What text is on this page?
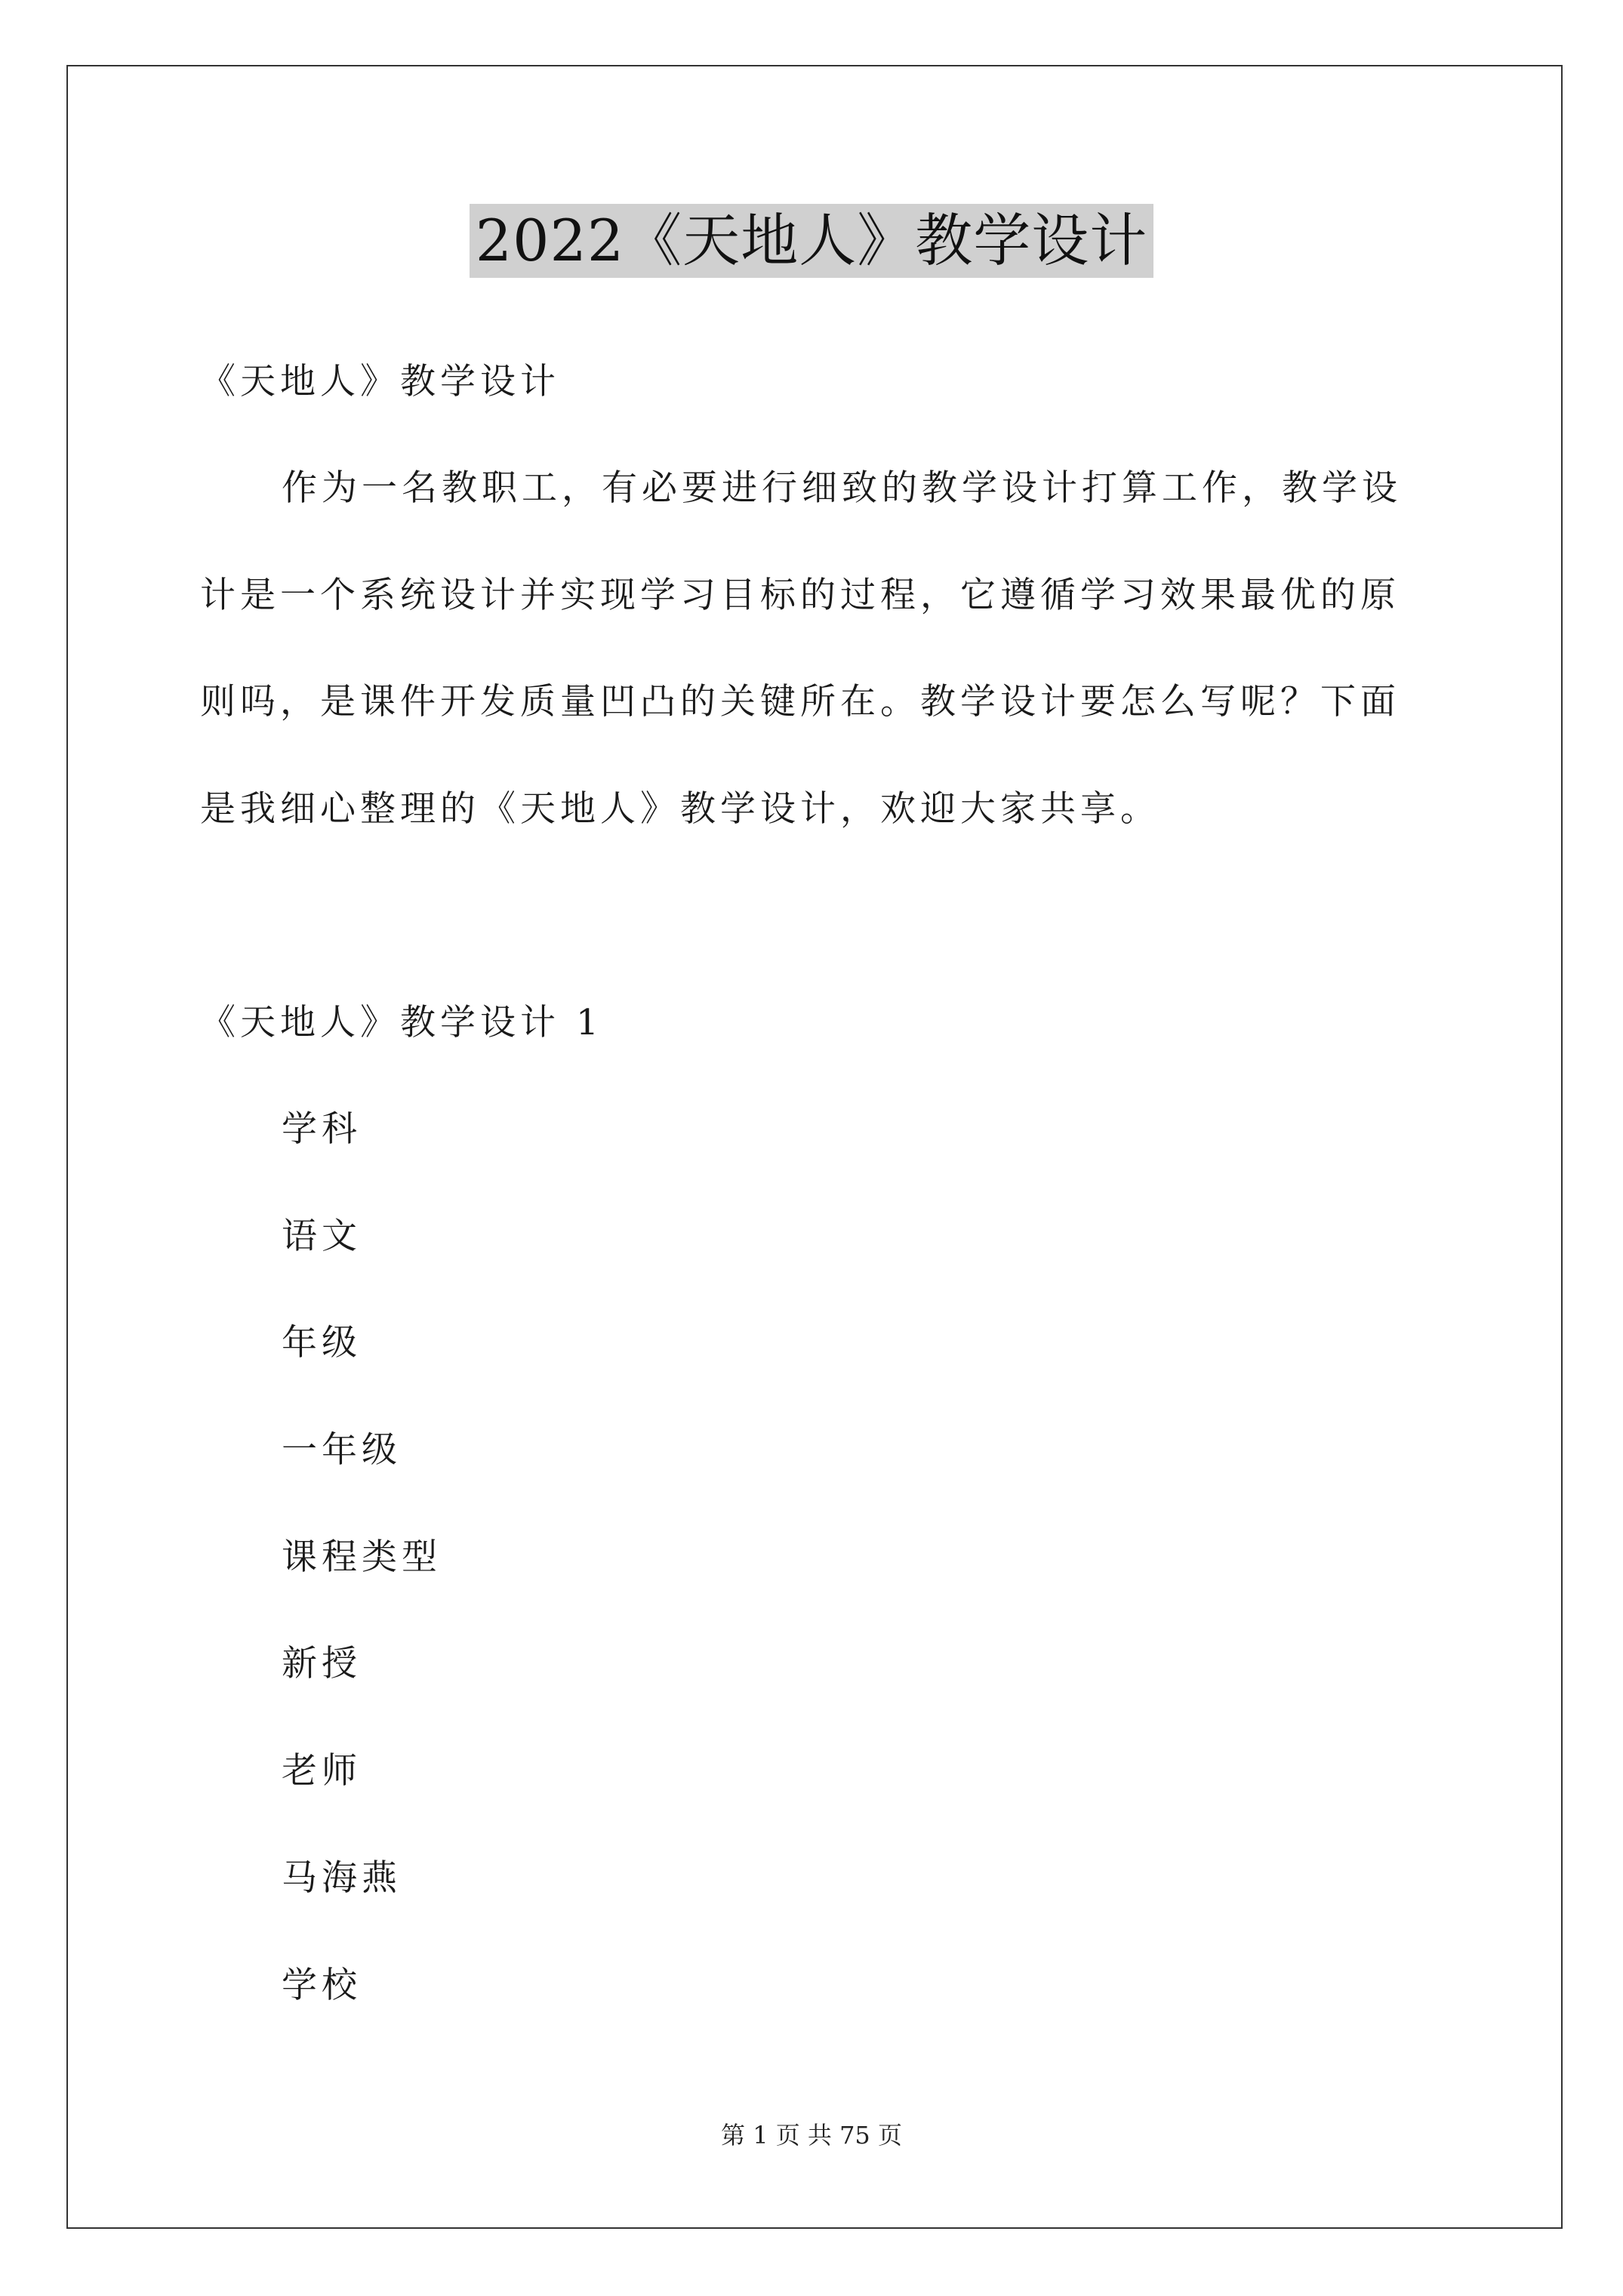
2022《天地人》教学设计
《天地人》教学设计
作为一名教职工，有必要进行细致的教学设计打算工作，教学设
计是一个系统设计并实现学习目标的过程，它遵循学习效果最优的原
则吗，是课件开发质量凹凸的关键所在。教学设计要怎么写呢？下面
是我细心整理的《天地人》教学设计，欢迎大家共享。
《天地人》教学设计 1
学科
语文
年级
一年级
课程类型
新授
老师
马海燕
学校
第 1 页 共 75 页
